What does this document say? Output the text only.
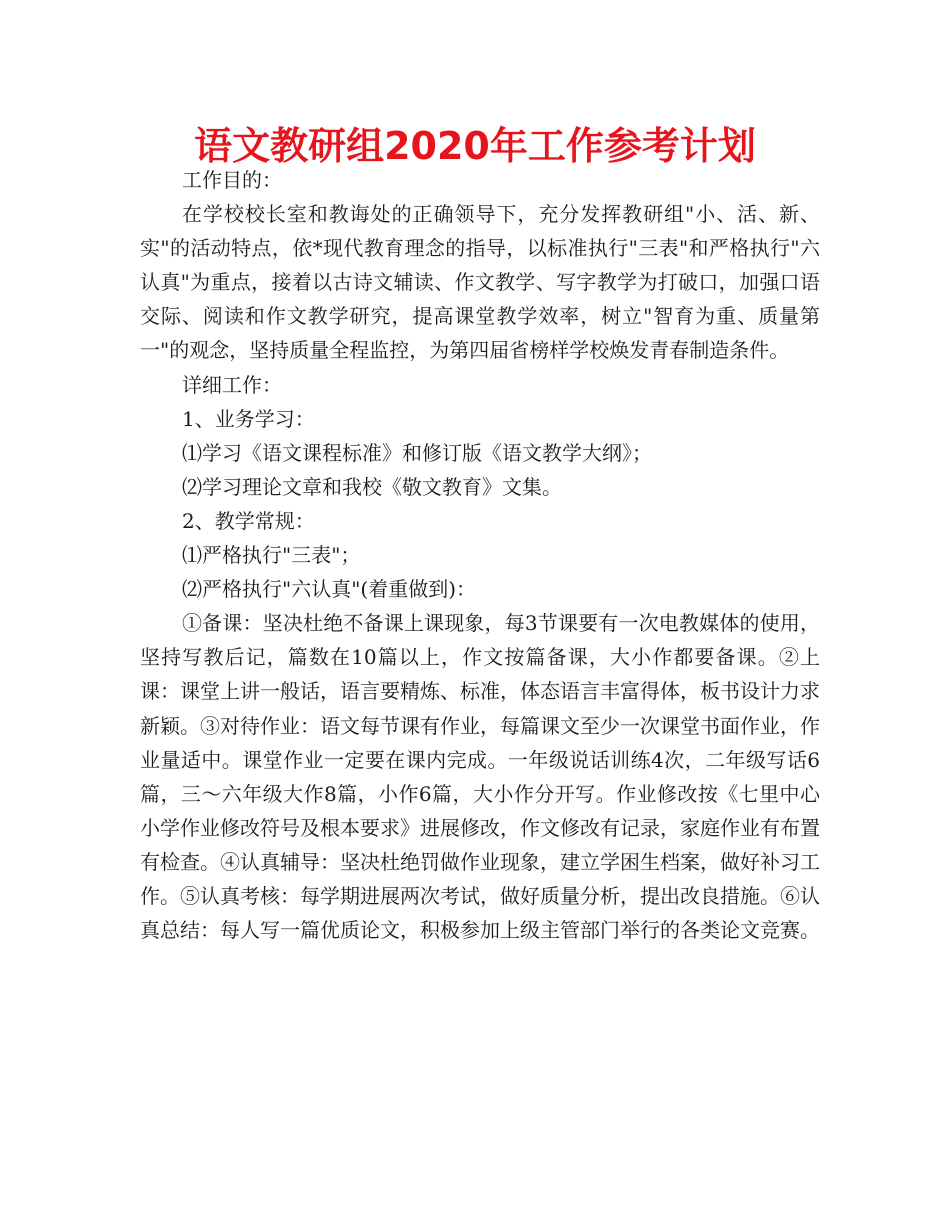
语文教研组2020年工作参考计划

工作目的：

在学校校长室和教诲处的正确领导下，充分发挥教研组"小、活、新、实"的活动特点，依*现代教育理念的指导，以标准执行"三表"和严格执行"六认真"为重点，接着以古诗文辅读、作文教学、写字教学为打破口，加强口语交际、阅读和作文教学研究，提高课堂教学效率，树立"智育为重、质量第一"的观念，坚持质量全程监控，为第四届省榜样学校焕发青春制造条件。

详细工作：

1、业务学习：

⑴学习《语文课程标准》和修订版《语文教学大纲》；

⑵学习理论文章和我校《敬文教育》文集。

2、教学常规：

⑴严格执行"三表"；

⑵严格执行"六认真"(着重做到)：

①备课：坚决杜绝不备课上课现象，每3节课要有一次电教媒体的使用，坚持写教后记，篇数在10篇以上，作文按篇备课，大小作都要备课。②上课：课堂上讲一般话，语言要精炼、标准，体态语言丰富得体，板书设计力求新颖。③对待作业：语文每节课有作业，每篇课文至少一次课堂书面作业，作业量适中。课堂作业一定要在课内完成。一年级说话训练4次，二年级写话6篇，三～六年级大作8篇，小作6篇，大小作分开写。作业修改按《七里中心小学作业修改符号及根本要求》进展修改，作文修改有记录，家庭作业有布置有检查。④认真辅导：坚决杜绝罚做作业现象，建立学困生档案，做好补习工作。⑤认真考核：每学期进展两次考试，做好质量分析，提出改良措施。⑥认真总结：每人写一篇优质论文，积极参加上级主管部门举行的各类论文竞赛。
